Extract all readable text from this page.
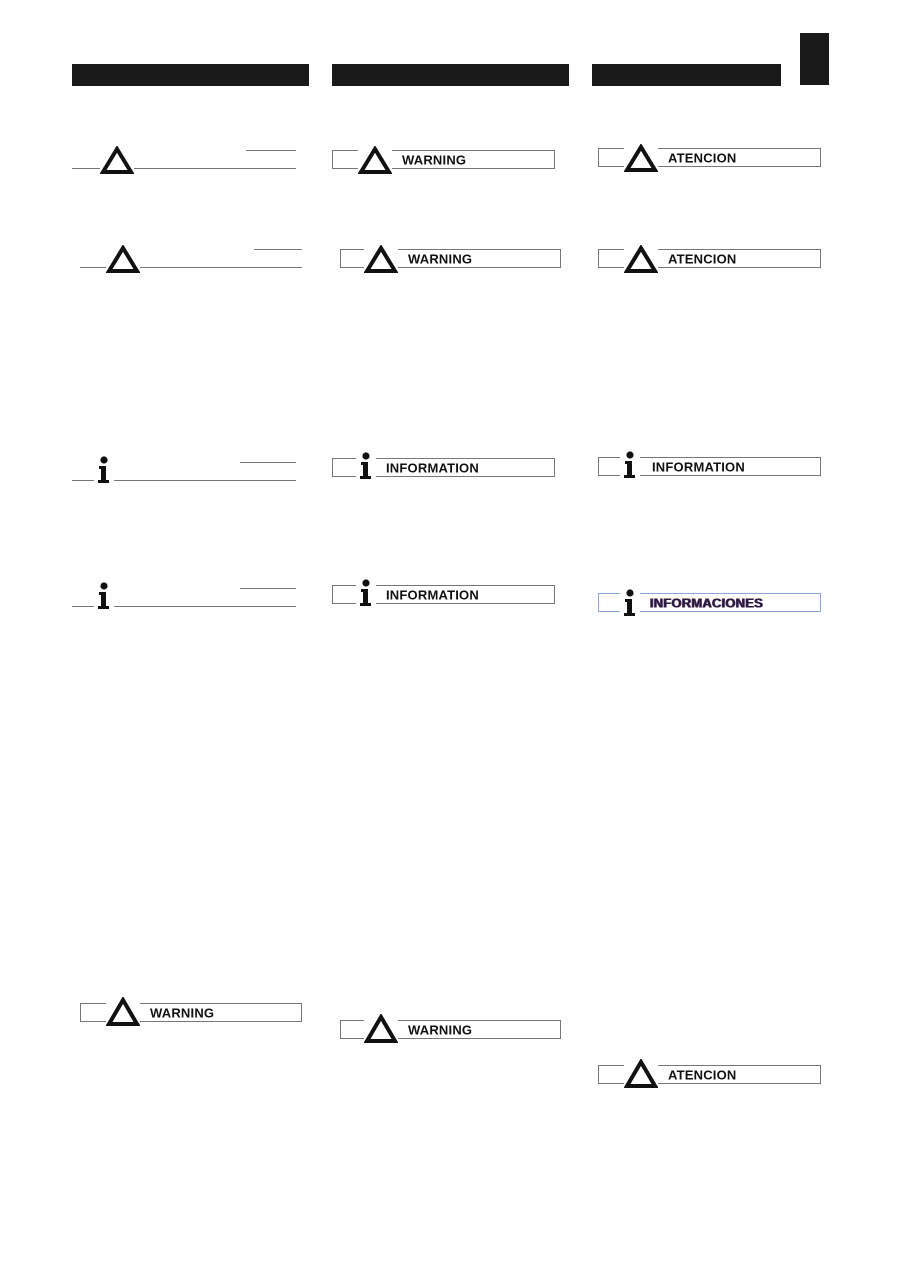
WARNING
WARNING
WARNING
INFORMATION
INFORMATION
WARNING
ATENCION
ATENCION
INFORMATION
INFORMACIONES
ATENCION
